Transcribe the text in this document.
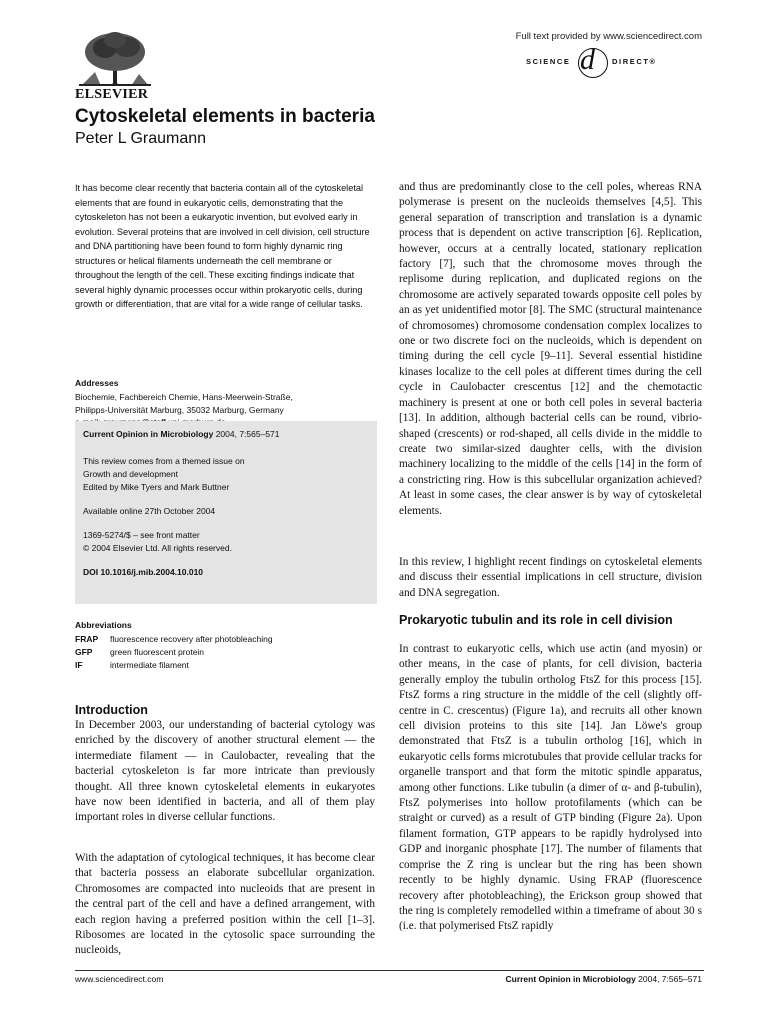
ELSEVIER
Full text provided by www.sciencedirect.com
SCIENCE d DIRECT®
Cytoskeletal elements in bacteria
Peter L Graumann

It has become clear recently that bacteria contain all of the cytoskeletal elements that are found in eukaryotic cells, demonstrating that the cytoskeleton has not been a eukaryotic invention, but evolved early in evolution. Several proteins that are involved in cell division, cell structure and DNA partitioning have been found to form highly dynamic ring structures or helical filaments underneath the cell membrane or throughout the length of the cell. These exciting findings indicate that several highly dynamic processes occur within prokaryotic cells, during growth or differentiation, that are vital for a wide range of cellular tasks.

Addresses
Biochemie, Fachbereich Chemie, Hans-Meerwein-Straße,
Philipps-Universität Marburg, 35032 Marburg, Germany
Current Opinion in Microbiology 2004, 7:565–571
This review comes from a themed issue on
Growth and development
Edited by Mike Tyers and Mark Buttner
Available online 27th October 2004
1369-5274/$ – see front matter
© 2004 Elsevier Ltd. All rights reserved.
DOI 10.1016/j.mib.2004.10.010
Abbreviations
FRAP fluorescence recovery after photobleaching
GFP green fluorescent protein
IF	intermediate filament
Introduction

In December 2003, our understanding of bacterial cytology was enriched by the discovery of another structural element — the intermediate filament — in Caulobacter, revealing that the bacterial cytoskeleton is far more intricate than previously thought. All three known cytoskeletal elements in eukaryotes have now been identified in bacteria, and all of them play important roles in diverse cellular functions.

With the adaptation of cytological techniques, it has become clear that bacteria possess an elaborate subcellular organization. Chromosomes are compacted into nucleoids that are present in the central part of the cell and have a defined arrangement, with each region having a preferred position within the cell [1–3]. Ribosomes are located in the cytosolic space surrounding the nucleoids,

and thus are predominantly close to the cell poles, whereas RNA polymerase is present on the nucleoids themselves [4,5]. This general separation of transcription and translation is a dynamic process that is dependent on active transcription [6]. Replication, however, occurs at a centrally located, stationary replication factory [7], such that the chromosome moves through the replisome during replication, and duplicated regions on the chromosome are actively separated towards opposite cell poles by an as yet unidentified motor [8]. The SMC (structural maintenance of chromosomes) chromosome condensation complex localizes to one or two discrete foci on the nucleoids, which is dependent on timing during the cell cycle [9–11]. Several essential histidine kinases localize to the cell poles at different times during the cell cycle in Caulobacter crescentus [12] and the chemotactic machinery is present at one or both cell poles in several bacteria [13]. In addition, although bacterial cells can be round, vibrio-shaped (crescents) or rod-shaped, all cells divide in the middle to create two similar-sized daughter cells, with the division machinery localizing to the middle of the cells [14] in the form of a constricting ring. How is this subcellular organization achieved? At least in some cases, the clear answer is by way of cytoskeletal elements.

In this review, I highlight recent findings on cytoskeletal elements and discuss their essential implications in cell structure, division and DNA segregation.

Prokaryotic tubulin and its role in cell division

In contrast to eukaryotic cells, which use actin (and myosin) or other means, in the case of plants, for cell division, bacteria generally employ the tubulin ortholog FtsZ for this process [15]. FtsZ forms a ring structure in the middle of the cell (slightly off-centre in C. crescentus) (Figure 1a), and recruits all other known cell division proteins to this site [14]. Jan Löwe's group demonstrated that FtsZ is a tubulin ortholog [16], which in eukaryotic cells forms microtubules that provide cellular tracks for organelle transport and that form the mitotic spindle apparatus, among other functions. Like tubulin (a dimer of α- and β-tubulin), FtsZ polymerises into hollow protofilaments (which can be straight or curved) as a result of GTP binding (Figure 2a). Upon filament formation, GTP appears to be rapidly hydrolysed into GDP and inorganic phosphate [17]. The number of filaments that comprise the Z ring is unclear but the ring has been shown recently to be highly dynamic. Using FRAP (fluorescence recovery after photobleaching), the Erickson group showed that the ring is completely remodelled within a timeframe of about 30 s (i.e. that polymerised FtsZ rapidly

www.sciencedirect.com	Current Opinion in Microbiology 2004, 7:565–571
